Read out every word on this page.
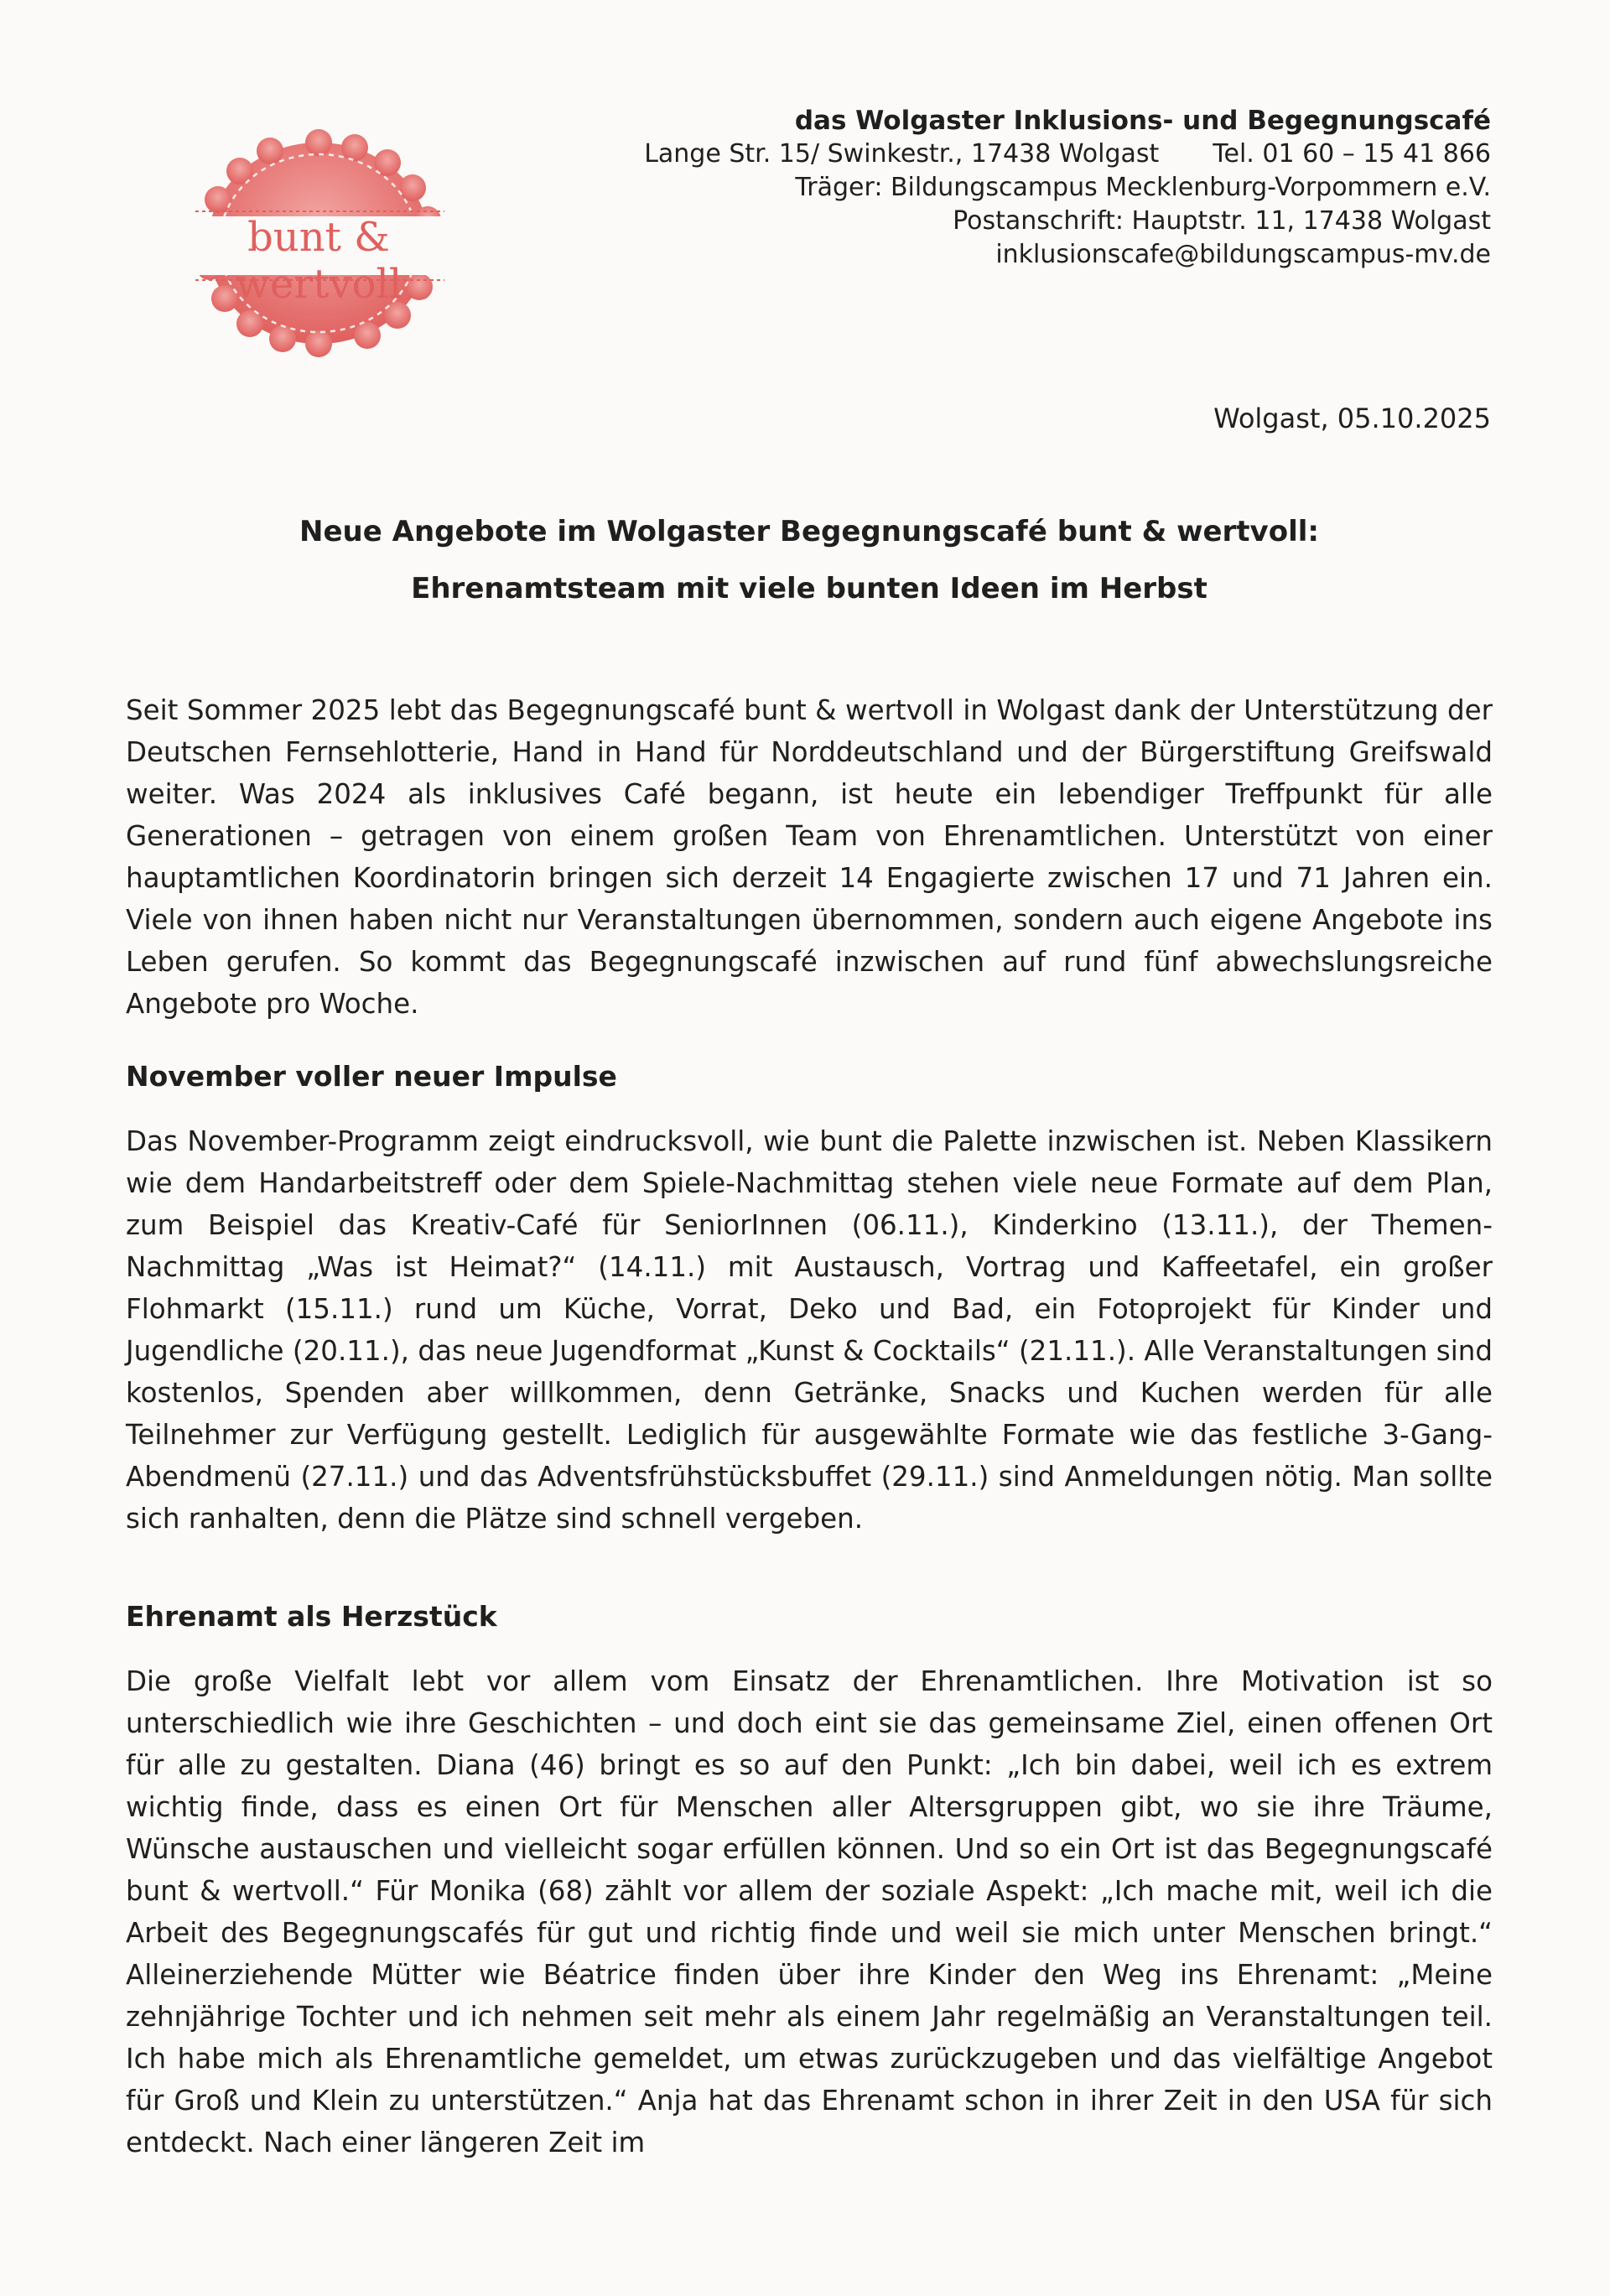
bunt & wertvoll
das Wolgaster Inklusions- und Begegnungscafé
Lange Str. 15/ Swinkestr., 17438 Wolgast Tel. 01 60 – 15 41 866
Träger: Bildungscampus Mecklenburg-Vorpommern e.V.
Postanschrift: Hauptstr. 11, 17438 Wolgast
inklusionscafe@bildungscampus-mv.de
Wolgast, 05.10.2025
Neue Angebote im Wolgaster Begegnungscafé bunt & wertvoll:
Ehrenamtsteam mit viele bunten Ideen im Herbst
Seit Sommer 2025 lebt das Begegnungscafé bunt & wertvoll in Wolgast dank der Unterstützung der Deutschen Fernsehlotterie, Hand in Hand für Norddeutschland und der Bürgerstiftung Greifswald weiter. Was 2024 als inklusives Café begann, ist heute ein lebendiger Treffpunkt für alle Generationen – getragen von einem großen Team von Ehrenamtlichen. Unterstützt von einer hauptamtlichen Koordinatorin bringen sich derzeit 14 Engagierte zwischen 17 und 71 Jahren ein. Viele von ihnen haben nicht nur Veranstaltungen übernommen, sondern auch eigene Angebote ins Leben gerufen. So kommt das Begegnungscafé inzwischen auf rund fünf abwechslungsreiche Angebote pro Woche.
November voller neuer Impulse
Das November-Programm zeigt eindrucksvoll, wie bunt die Palette inzwischen ist. Neben Klassikern wie dem Handarbeitstreff oder dem Spiele-Nachmittag stehen viele neue Formate auf dem Plan, zum Beispiel das Kreativ-Café für SeniorInnen (06.11.), Kinderkino (13.11.), der Themen-Nachmittag „Was ist Heimat?“ (14.11.) mit Austausch, Vortrag und Kaffeetafel, ein großer Flohmarkt (15.11.) rund um Küche, Vorrat, Deko und Bad, ein Fotoprojekt für Kinder und Jugendliche (20.11.), das neue Jugendformat „Kunst & Cocktails“ (21.11.). Alle Veranstaltungen sind kostenlos, Spenden aber willkommen, denn Getränke, Snacks und Kuchen werden für alle Teilnehmer zur Verfügung gestellt. Lediglich für ausgewählte Formate wie das festliche 3-Gang-Abendmenü (27.11.) und das Adventsfrühstücksbuffet (29.11.) sind Anmeldungen nötig. Man sollte sich ranhalten, denn die Plätze sind schnell vergeben.
Ehrenamt als Herzstück
Die große Vielfalt lebt vor allem vom Einsatz der Ehrenamtlichen. Ihre Motivation ist so unterschiedlich wie ihre Geschichten – und doch eint sie das gemeinsame Ziel, einen offenen Ort für alle zu gestalten. Diana (46) bringt es so auf den Punkt: „Ich bin dabei, weil ich es extrem wichtig finde, dass es einen Ort für Menschen aller Altersgruppen gibt, wo sie ihre Träume, Wünsche austauschen und vielleicht sogar erfüllen können. Und so ein Ort ist das Begegnungscafé bunt & wertvoll.“ Für Monika (68) zählt vor allem der soziale Aspekt: „Ich mache mit, weil ich die Arbeit des Begegnungscafés für gut und richtig finde und weil sie mich unter Menschen bringt.“ Alleinerziehende Mütter wie Béatrice finden über ihre Kinder den Weg ins Ehrenamt: „Meine zehnjährige Tochter und ich nehmen seit mehr als einem Jahr regelmäßig an Veranstaltungen teil. Ich habe mich als Ehrenamtliche gemeldet, um etwas zurückzugeben und das vielfältige Angebot für Groß und Klein zu unterstützen.“ Anja hat das Ehrenamt schon in ihrer Zeit in den USA für sich entdeckt. Nach einer längeren Zeit im
